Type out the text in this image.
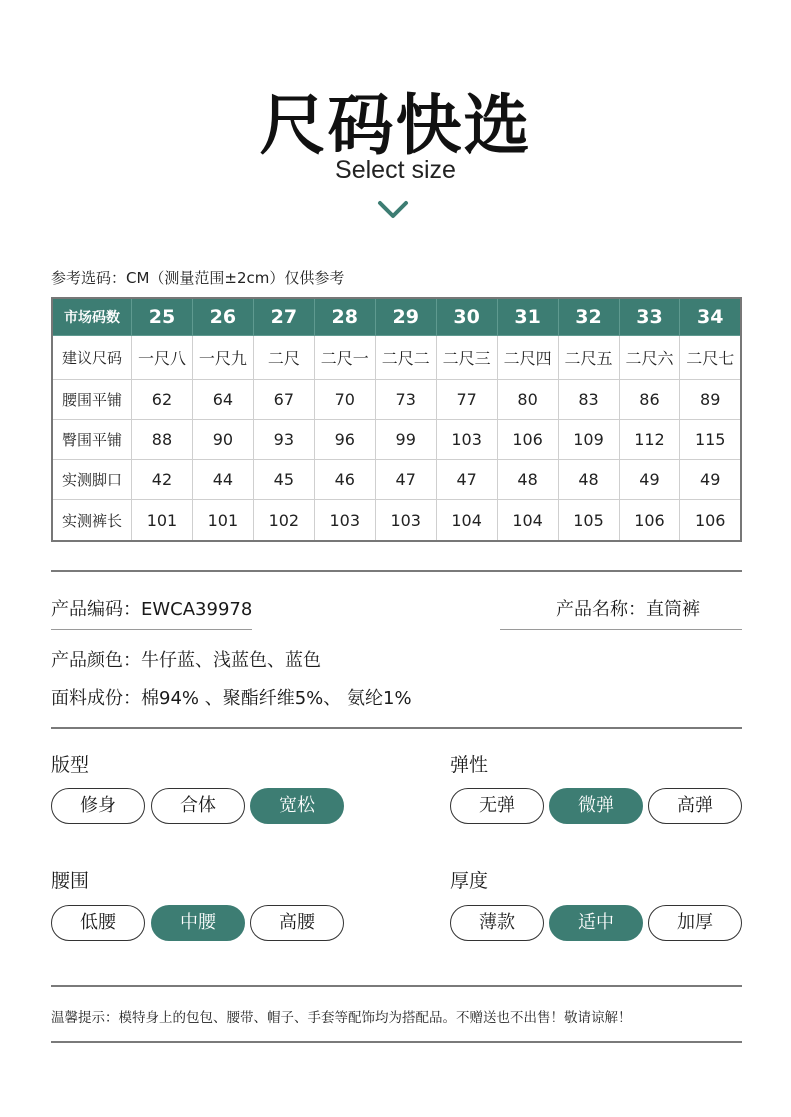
尺码快选
Select size
参考选码：CM（测量范围±2cm）仅供参考
市场码数	25	26	27	28	29	30	31	32	33	34
建议尺码	一尺八	一尺九	二尺	二尺一	二尺二	二尺三	二尺四	二尺五	二尺六	二尺七
腰围平铺	62	64	67	70	73	77	80	83	86	89
臀围平铺	88	90	93	96	99	103	106	109	112	115
实测脚口	42	44	45	46	47	47	48	48	49	49
实测裤长	101	101	102	103	103	104	104	105	106	106
产品编码：EWCA39978	产品名称：直筒裤
产品颜色：牛仔蓝、浅蓝色、蓝色
面料成份：棉94% 、聚酯纤维5%、 氨纶1%
版型
修身	合体	宽松
弹性
无弹	微弹	高弹
腰围
低腰	中腰	高腰
厚度
薄款	适中	加厚
温馨提示：模特身上的包包、腰带、帽子、手套等配饰均为搭配品。不赠送也不出售！敬请谅解！
